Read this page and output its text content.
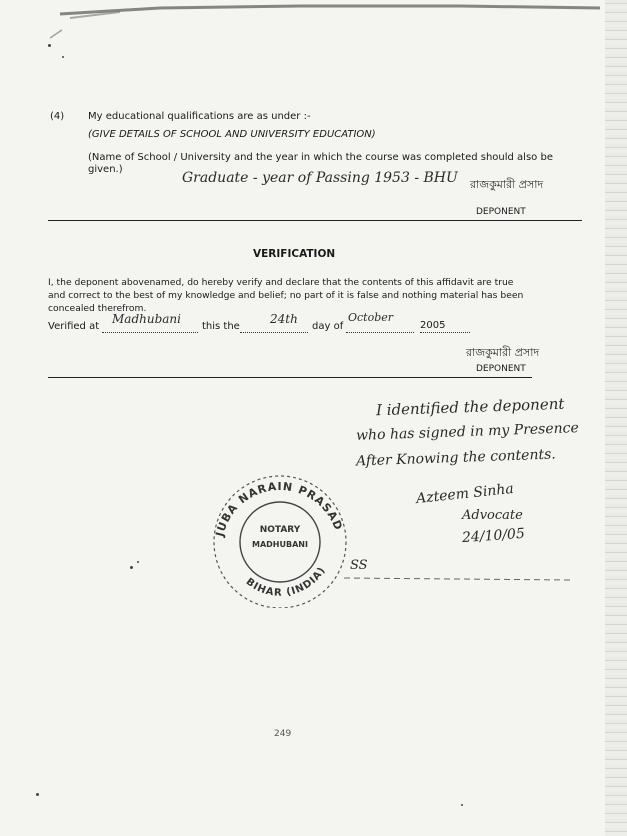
(4) My educational qualifications are as under :-
(GIVE DETAILS OF SCHOOL AND UNIVERSITY EDUCATION)
(Name of School / University and the year in which the course was completed should also be
given.)
Graduate - year of Passing 1953 - BHU রাজকুমারী প্রসাদ
DEPONENT
VERIFICATION
I, the deponent abovenamed, do hereby verify and declare that the contents of this affidavit are true
and correct to the best of my knowledge and belief; no part of it is false and nothing material has been
concealed therefrom.
Verified at
Madhubani
this the
24th
day of
October
2005
রাজকুমারী প্রসাদ
DEPONENT
I identified the deponent
who has signed in my Presence
After Knowing the contents.
Azteem Sinha
Advocate
24/10/05
JUBA NARAIN PRASAD
BIHAR (INDIA)
NOTARY
MADHUBANI
SS
249
